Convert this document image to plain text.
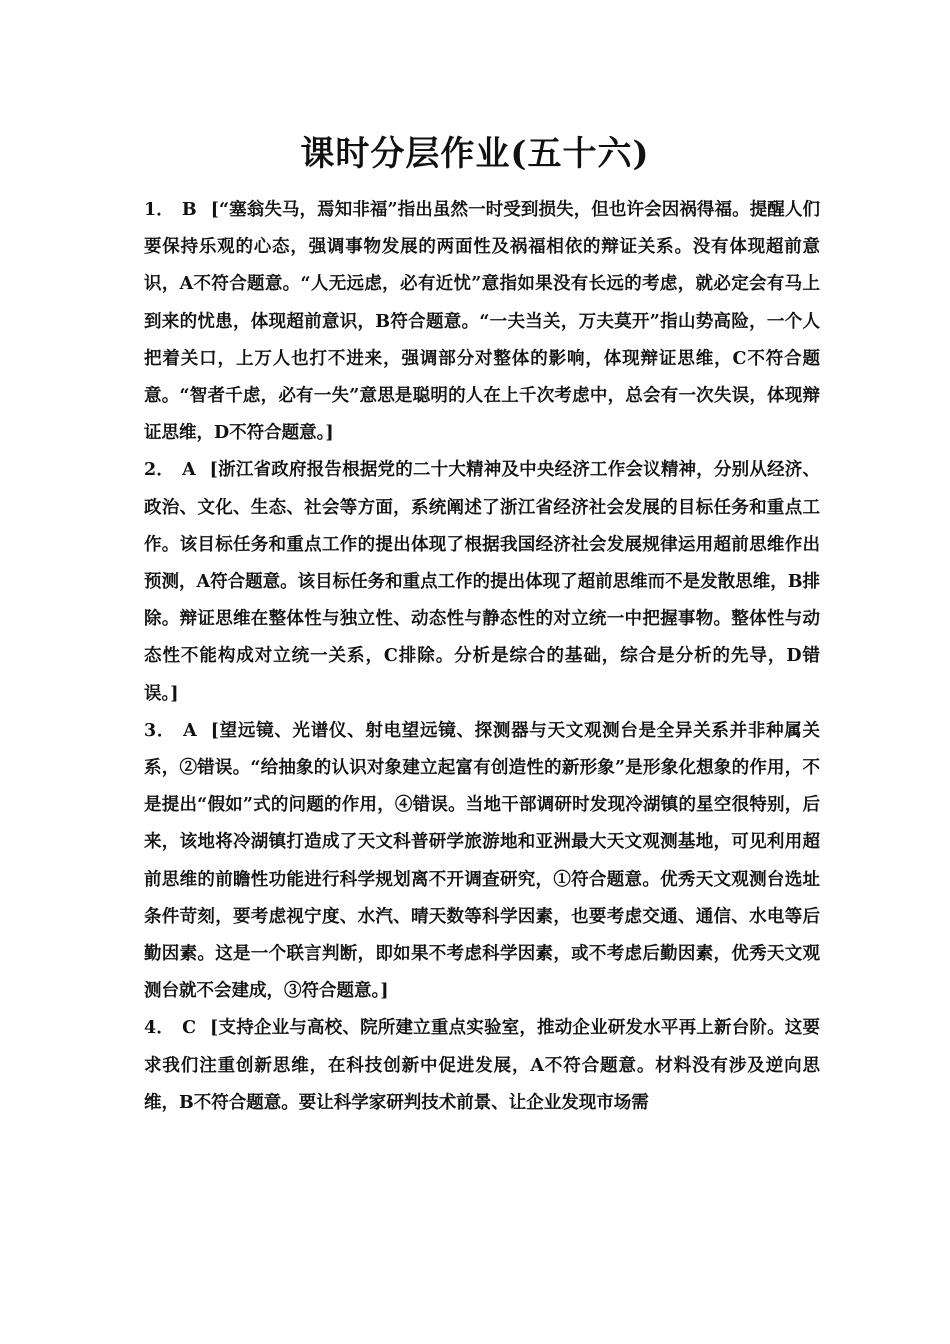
课时分层作业(五十六)

1． B [“塞翁失马，焉知非福”指出虽然一时受到损失，但也许会因祸得福。提醒人们要保持乐观的心态，强调事物发展的两面性及祸福相依的辩证关系。没有体现超前意识，A不符合题意。“人无远虑，必有近忧”意指如果没有长远的考虑，就必定会有马上到来的忧患，体现超前意识，B符合题意。“一夫当关，万夫莫开”指山势高险，一个人把着关口，上万人也打不进来，强调部分对整体的影响，体现辩证思维，C不符合题意。“智者千虑，必有一失”意思是聪明的人在上千次考虑中，总会有一次失误，体现辩证思维，D不符合题意。]

2． A [浙江省政府报告根据党的二十大精神及中央经济工作会议精神，分别从经济、政治、文化、生态、社会等方面，系统阐述了浙江省经济社会发展的目标任务和重点工作。该目标任务和重点工作的提出体现了根据我国经济社会发展规律运用超前思维作出预测，A符合题意。该目标任务和重点工作的提出体现了超前思维而不是发散思维，B排除。辩证思维在整体性与独立性、动态性与静态性的对立统一中把握事物。整体性与动态性不能构成对立统一关系，C排除。分析是综合的基础，综合是分析的先导，D错误。]

3． A [望远镜、光谱仪、射电望远镜、探测器与天文观测台是全异关系并非种属关系，②错误。“给抽象的认识对象建立起富有创造性的新形象”是形象化想象的作用，不是提出“假如”式的问题的作用，④错误。当地干部调研时发现冷湖镇的星空很特别，后来，该地将冷湖镇打造成了天文科普研学旅游地和亚洲最大天文观测基地，可见利用超前思维的前瞻性功能进行科学规划离不开调查研究，①符合题意。优秀天文观测台选址条件苛刻，要考虑视宁度、水汽、晴天数等科学因素，也要考虑交通、通信、水电等后勤因素。这是一个联言判断，即如果不考虑科学因素，或不考虑后勤因素，优秀天文观测台就不会建成，③符合题意。]

4． C [支持企业与高校、院所建立重点实验室，推动企业研发水平再上新台阶。这要求我们注重创新思维，在科技创新中促进发展，A不符合题意。材料没有涉及逆向思维，B不符合题意。要让科学家研判技术前景、让企业发现市场需
